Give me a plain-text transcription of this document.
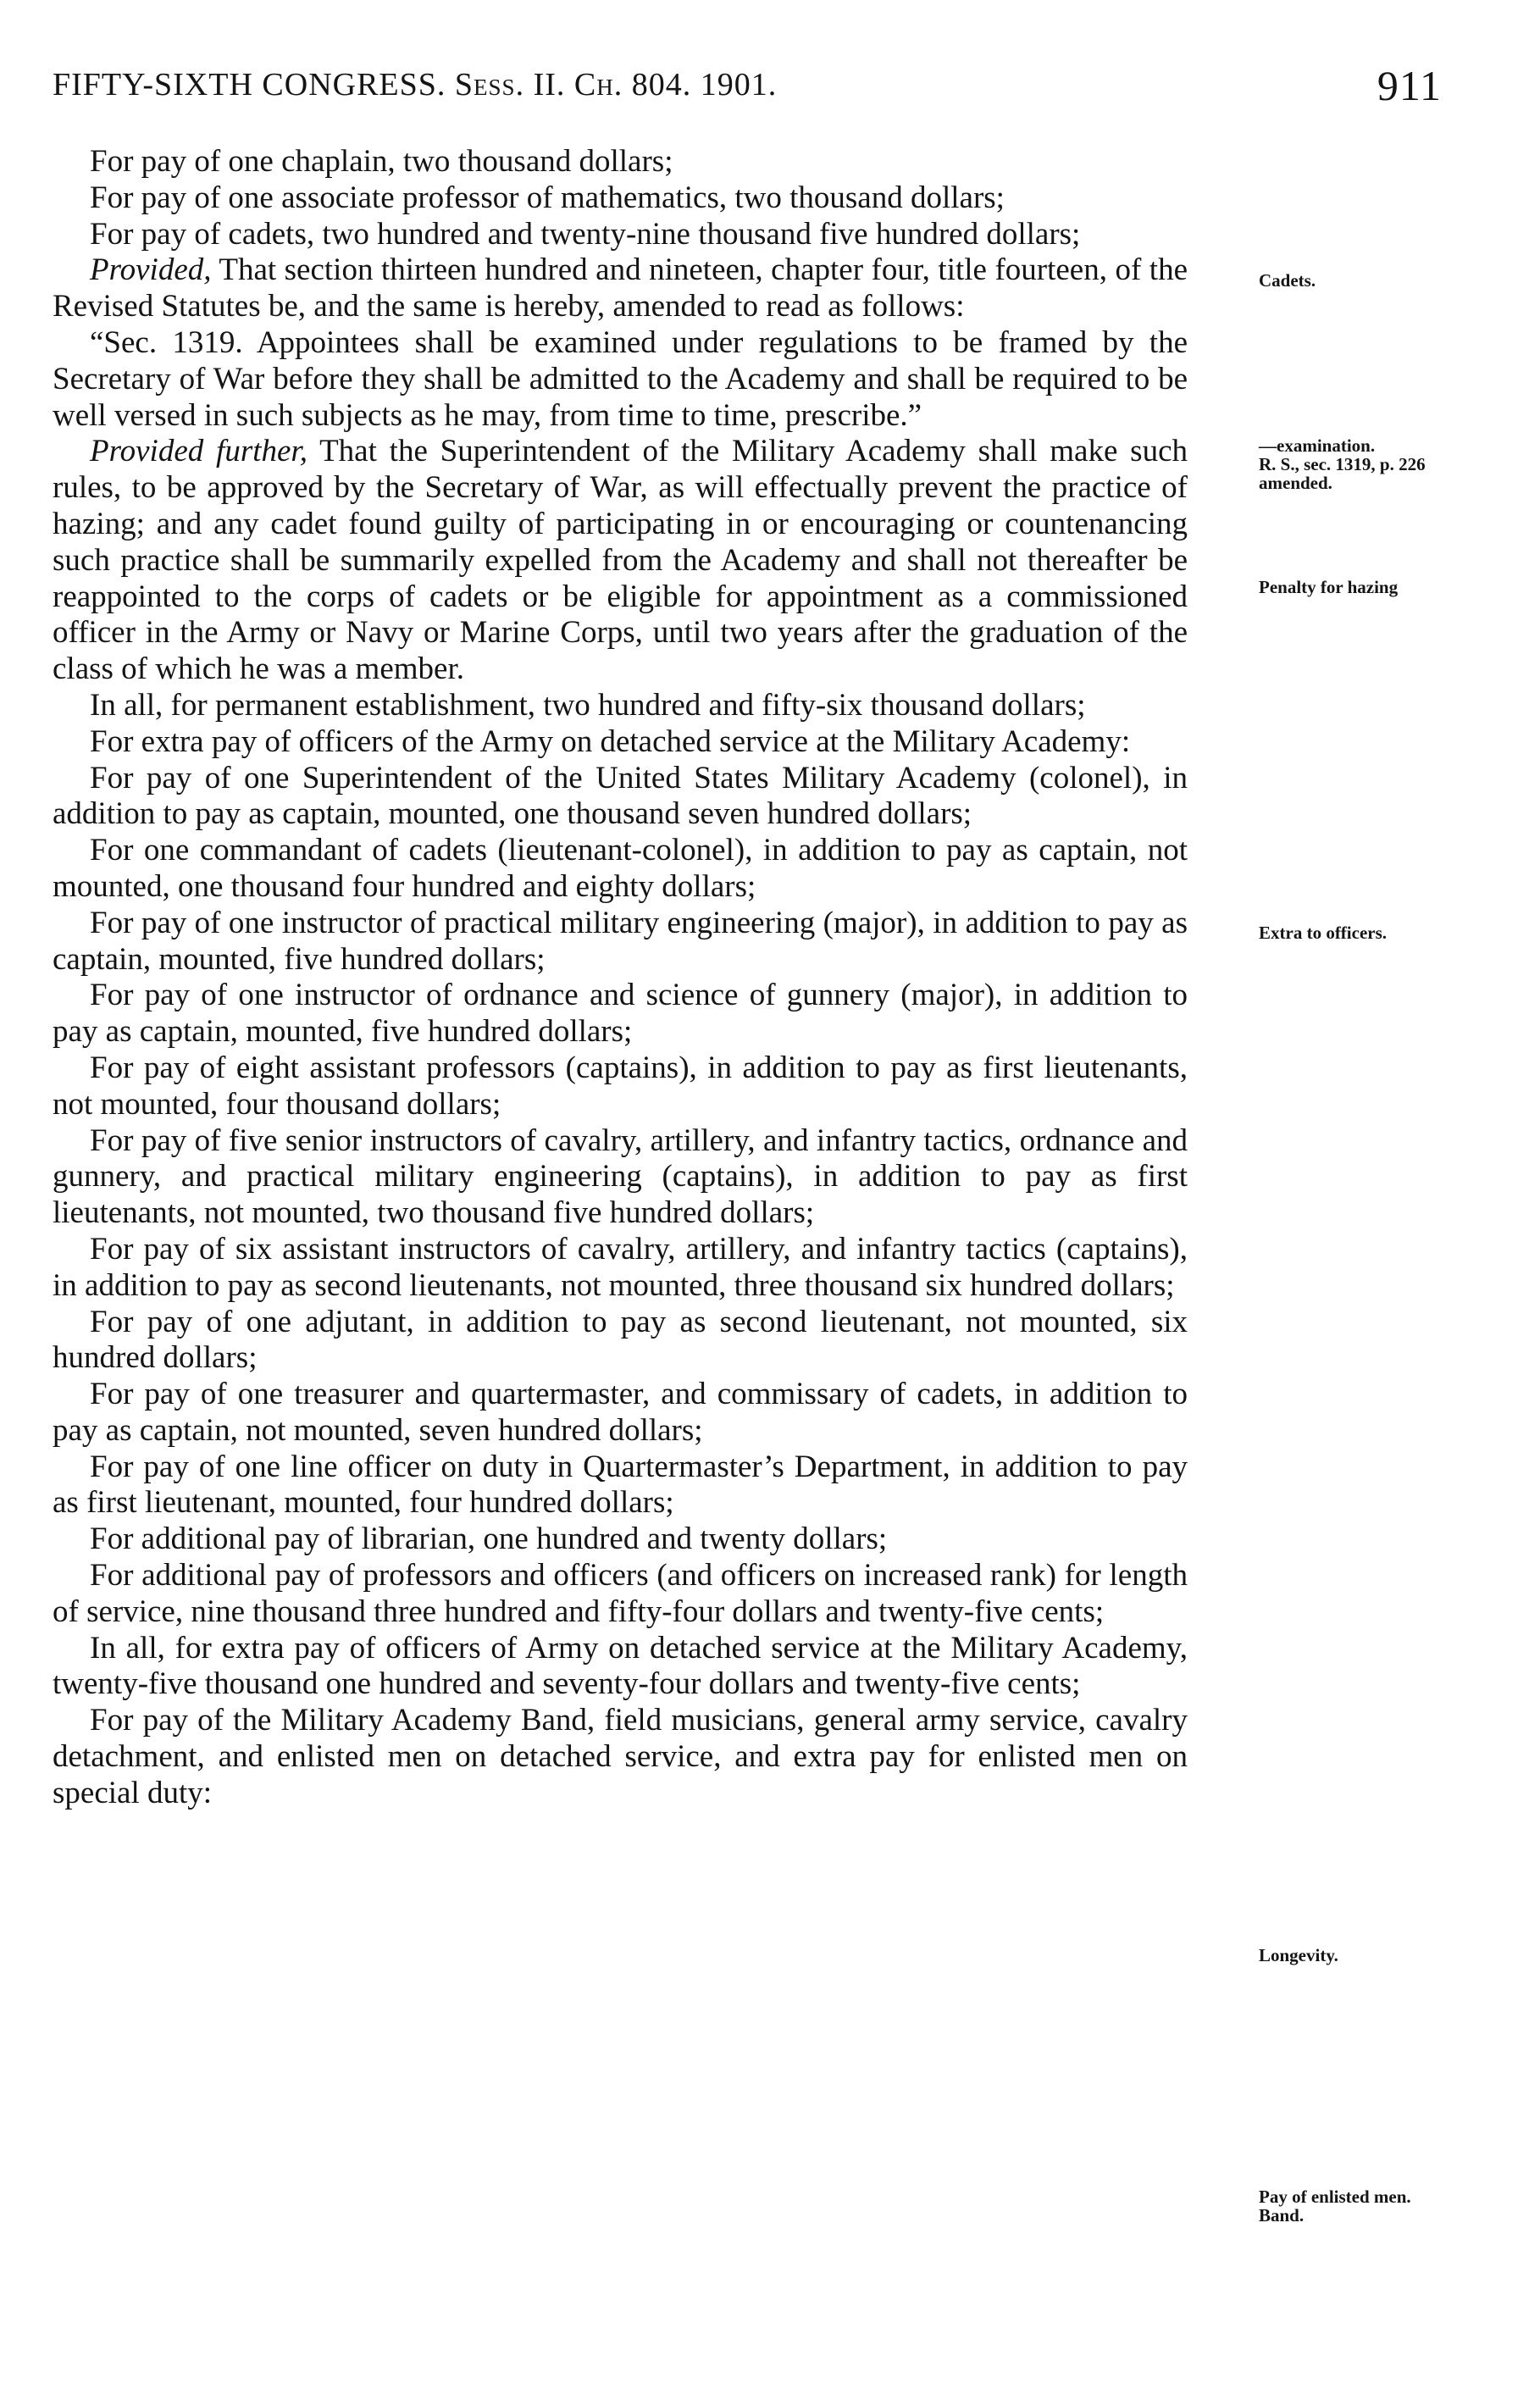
FIFTY-SIXTH CONGRESS. Sess. II. Ch. 804. 1901.	911

For pay of one chaplain, two thousand dollars;

For pay of one associate professor of mathematics, two thousand dollars;

For pay of cadets, two hundred and twenty-nine thousand five hundred dollars;

Provided, That section thirteen hundred and nineteen, chapter four, title fourteen, of the Revised Statutes be, and the same is hereby, amended to read as follows:

“Sec. 1319. Appointees shall be examined under regulations to be framed by the Secretary of War before they shall be admitted to the Academy and shall be required to be well versed in such subjects as he may, from time to time, prescribe.”

Provided further, That the Superintendent of the Military Academy shall make such rules, to be approved by the Secretary of War, as will effectually prevent the practice of hazing; and any cadet found guilty of participating in or encouraging or countenancing such practice shall be summarily expelled from the Academy and shall not thereafter be reappointed to the corps of cadets or be eligible for appointment as a commissioned officer in the Army or Navy or Marine Corps, until two years after the graduation of the class of which he was a member.

In all, for permanent establishment, two hundred and fifty-six thousand dollars;

For extra pay of officers of the Army on detached service at the Military Academy:

For pay of one Superintendent of the United States Military Academy (colonel), in addition to pay as captain, mounted, one thousand seven hundred dollars;

For one commandant of cadets (lieutenant-colonel), in addition to pay as captain, not mounted, one thousand four hundred and eighty dollars;

For pay of one instructor of practical military engineering (major), in addition to pay as captain, mounted, five hundred dollars;

For pay of one instructor of ordnance and science of gunnery (major), in addition to pay as captain, mounted, five hundred dollars;

For pay of eight assistant professors (captains), in addition to pay as first lieutenants, not mounted, four thousand dollars;

For pay of five senior instructors of cavalry, artillery, and infantry tactics, ordnance and gunnery, and practical military engineering (captains), in addition to pay as first lieutenants, not mounted, two thousand five hundred dollars;

For pay of six assistant instructors of cavalry, artillery, and infantry tactics (captains), in addition to pay as second lieutenants, not mounted, three thousand six hundred dollars;

For pay of one adjutant, in addition to pay as second lieutenant, not mounted, six hundred dollars;

For pay of one treasurer and quartermaster, and commissary of cadets, in addition to pay as captain, not mounted, seven hundred dollars;

For pay of one line officer on duty in Quartermaster’s Department, in addition to pay as first lieutenant, mounted, four hundred dollars;

For additional pay of librarian, one hundred and twenty dollars;

For additional pay of professors and officers (and officers on increased rank) for length of service, nine thousand three hundred and fifty-four dollars and twenty-five cents;

In all, for extra pay of officers of Army on detached service at the Military Academy, twenty-five thousand one hundred and seventy-four dollars and twenty-five cents;

For pay of the Military Academy Band, field musicians, general army service, cavalry detachment, and enlisted men on detached service, and extra pay for enlisted men on special duty:

Cadets.
—examination.
R. S., sec. 1319, p. 226
amended.
Penalty for hazing
Extra to officers.
Longevity.
Pay of enlisted men.
Band.
